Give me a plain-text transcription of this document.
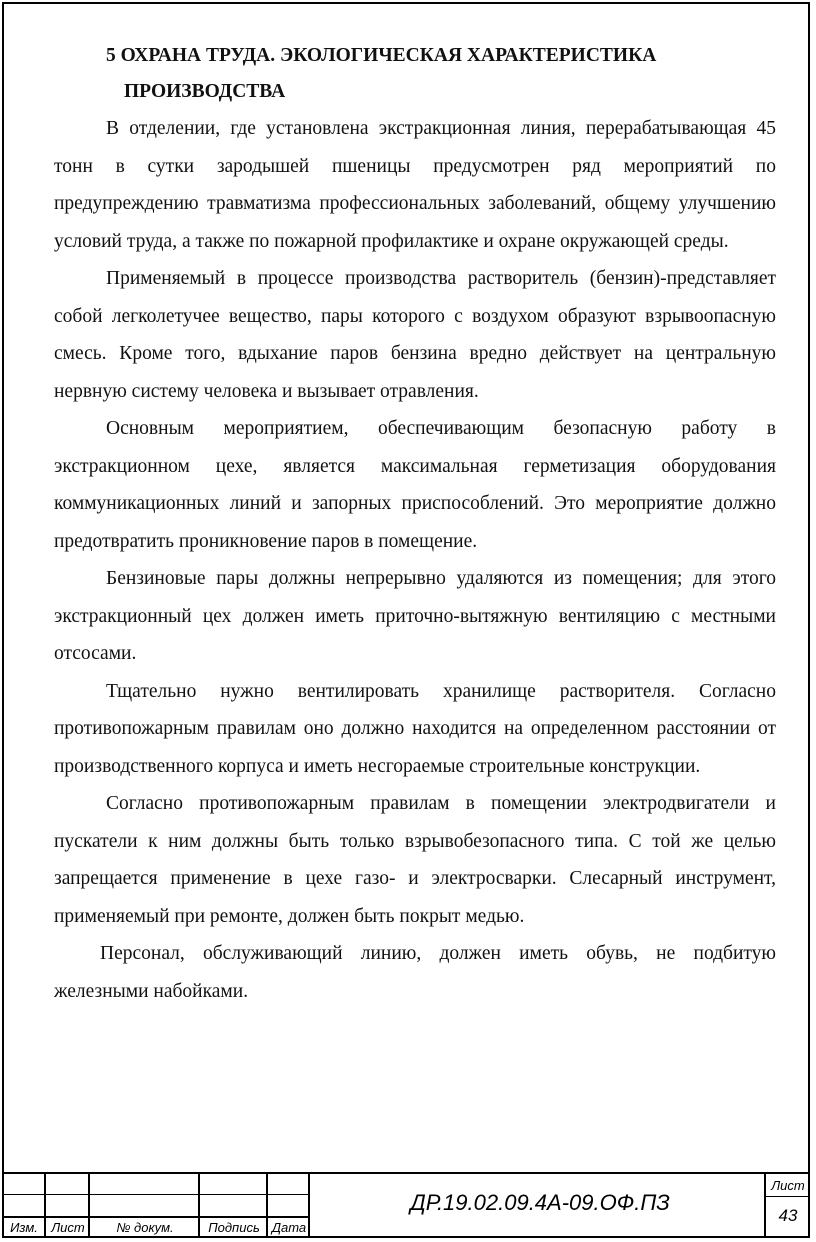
5 ОХРАНА ТРУДА. ЭКОЛОГИЧЕСКАЯ ХАРАКТЕРИСТИКА
ПРОИЗВОДСТВА

В отделении, где установлена экстракционная линия, перерабатывающая 45 тонн в сутки зародышей пшеницы предусмотрен ряд мероприятий по предупреждению травматизма профессиональных заболеваний, общему улучшению условий труда, а также по пожарной профилактике и охране окружающей среды.

Применяемый в процессе производства растворитель (бензин)-представляет собой легколетучее вещество, пары которого с воздухом образуют взрывоопасную смесь. Кроме того, вдыхание паров бензина вредно действует на центральную нервную систему человека и вызывает отравления.

Основным мероприятием, обеспечивающим безопасную работу в экстракционном цехе, является максимальная герметизация оборудования коммуникационных линий и запорных приспособлений. Это мероприятие должно предотвратить проникновение паров в помещение.

Бензиновые пары должны непрерывно удаляются из помещения; для этого экстракционный цех должен иметь приточно-вытяжную вентиляцию с местными отсосами.

Тщательно нужно вентилировать хранилище растворителя. Согласно противопожарным правилам оно должно находится на определенном расстоянии от производственного корпуса и иметь несгораемые строительные конструкции.

Согласно противопожарным правилам в помещении электродвигатели и пускатели к ним должны быть только взрывобезопасного типа. С той же целью запрещается применение в цехе газо- и электросварки. Слесарный инструмент, применяемый при ремонте, должен быть покрыт медью.

Персонал, обслуживающий линию, должен иметь обувь, не подбитую железными набойками.

Изм.	Лист	№ докум.	Подпись Дата
ДР.19.02.09.4А-09.ОФ.ПЗ
Лист
43
